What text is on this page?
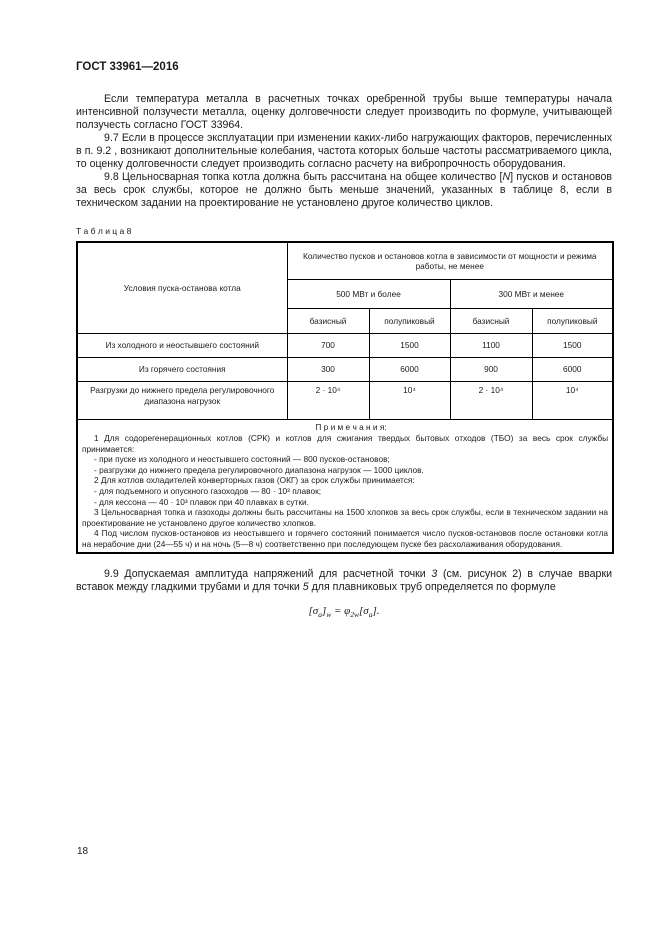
ГОСТ 33961—2016

Если температура металла в расчетных точках оребренной трубы выше температуры начала интенсивной ползучести металла, оценку долговечности следует производить по формуле, учитывающей ползучесть согласно ГОСТ 33964.

9.7 Если в процессе эксплуатации при изменении каких-либо нагружающих факторов, перечисленных в п. 9.2 , возникают дополнительные колебания, частота которых больше частоты рассматриваемого цикла, то оценку долговечности следует производить согласно расчету на вибропрочность оборудования.

9.8 Цельносварная топка котла должна быть рассчитана на общее количество [N] пусков и остановов за весь срок службы, которое не должно быть меньше значений, указанных в таблице 8, если в техническом задании на проектирование не установлено другое количество циклов.

Т а б л и ц а 8
Условия пуска-останова котла	Количество пусков и остановов котла в зависимости от мощности и режима работы, не менее			
	500 МВт и более		300 МВт и менее	
	базисный	полупиковый	базисный	полупиковый
Из холодного и неостывшего состояний	700	1500	1100	1500
Из горячего состояния	300	6000	900	6000
Разгрузки до нижнего предела регулировочного диапазона нагрузок	2 · 10⁴	10⁴	2 · 10⁴	10⁴

П р и м е ч а н и я:

1 Для содорегенерационных котлов (СРК) и котлов для сжигания твердых бытовых отходов (ТБО) за весь срок службы принимается:

- при пуске из холодного и неостывшего состояний — 800 пусков-остановов;

- разгрузки до нижнего предела регулировочного диапазона нагрузок — 1000 циклов.

2 Для котлов охладителей конверторных газов (ОКГ) за срок службы принимается:

- для подъемного и опускного газоходов — 80 · 10³ плавок;

- для кессона — 40 · 10³ плавок при 40 плавках в сутки.

3 Цельносварная топка и газоходы должны быть рассчитаны на 1500 хлопков за весь срок службы, если в техническом задании на проектирование не установлено другое количество хлопков.

4 Под числом пусков-остановов из неостывшего и горячего состояний понимается число пусков-остановов после остановки котла на нерабочие дни (24—55 ч) и на ночь (5—8 ч) соответственно при последующем пуске без расхолаживания оборудования.

9.9 Допускаемая амплитуда напряжений для расчетной точки 3 (см. рисунок 2) в случае вварки вставок между гладкими трубами и для точки 5 для плавниковых труб определяется по формуле

$[\sigma_a]_w = \varphi_{2w}[\sigma_a]$.
18
